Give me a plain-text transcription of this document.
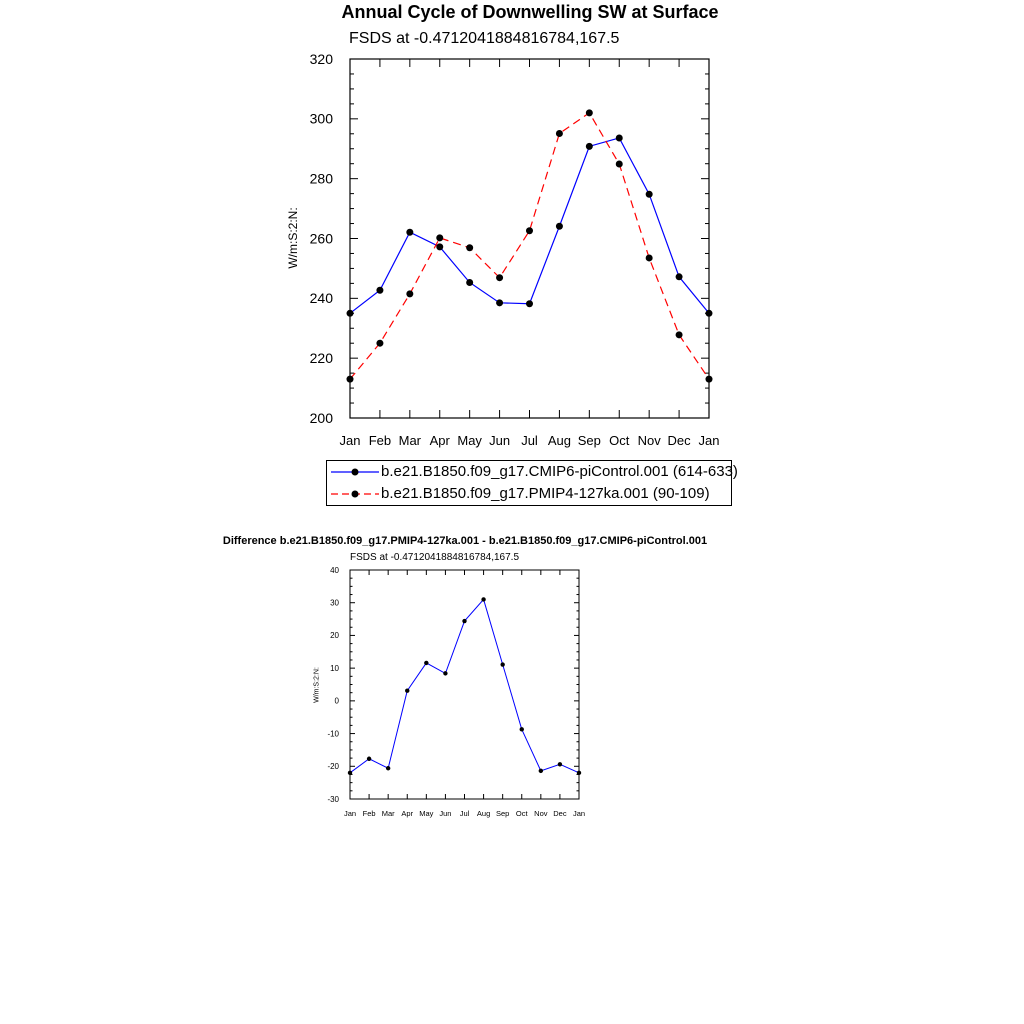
Annual Cycle of Downwelling SW at Surface
FSDS at -0.4712041884816784,167.5
W/m:S:2:N:
200
220
240
260
280
300
320
Jan Feb Mar Apr May Jun Jul Aug Sep Oct Nov Dec Jan
b.e21.B1850.f09_g17.CMIP6-piControl.001 (614-633)
b.e21.B1850.f09_g17.PMIP4-127ka.001 (90-109)
Difference b.e21.B1850.f09_g17.PMIP4-127ka.001 - b.e21.B1850.f09_g17.CMIP6-piControl.001
FSDS at -0.4712041884816784,167.5
W/m:S:2:N:
-30
-20
-10
0
10
20
30
40
Jan Feb Mar Apr May Jun Jul Aug Sep Oct Nov Dec Jan
